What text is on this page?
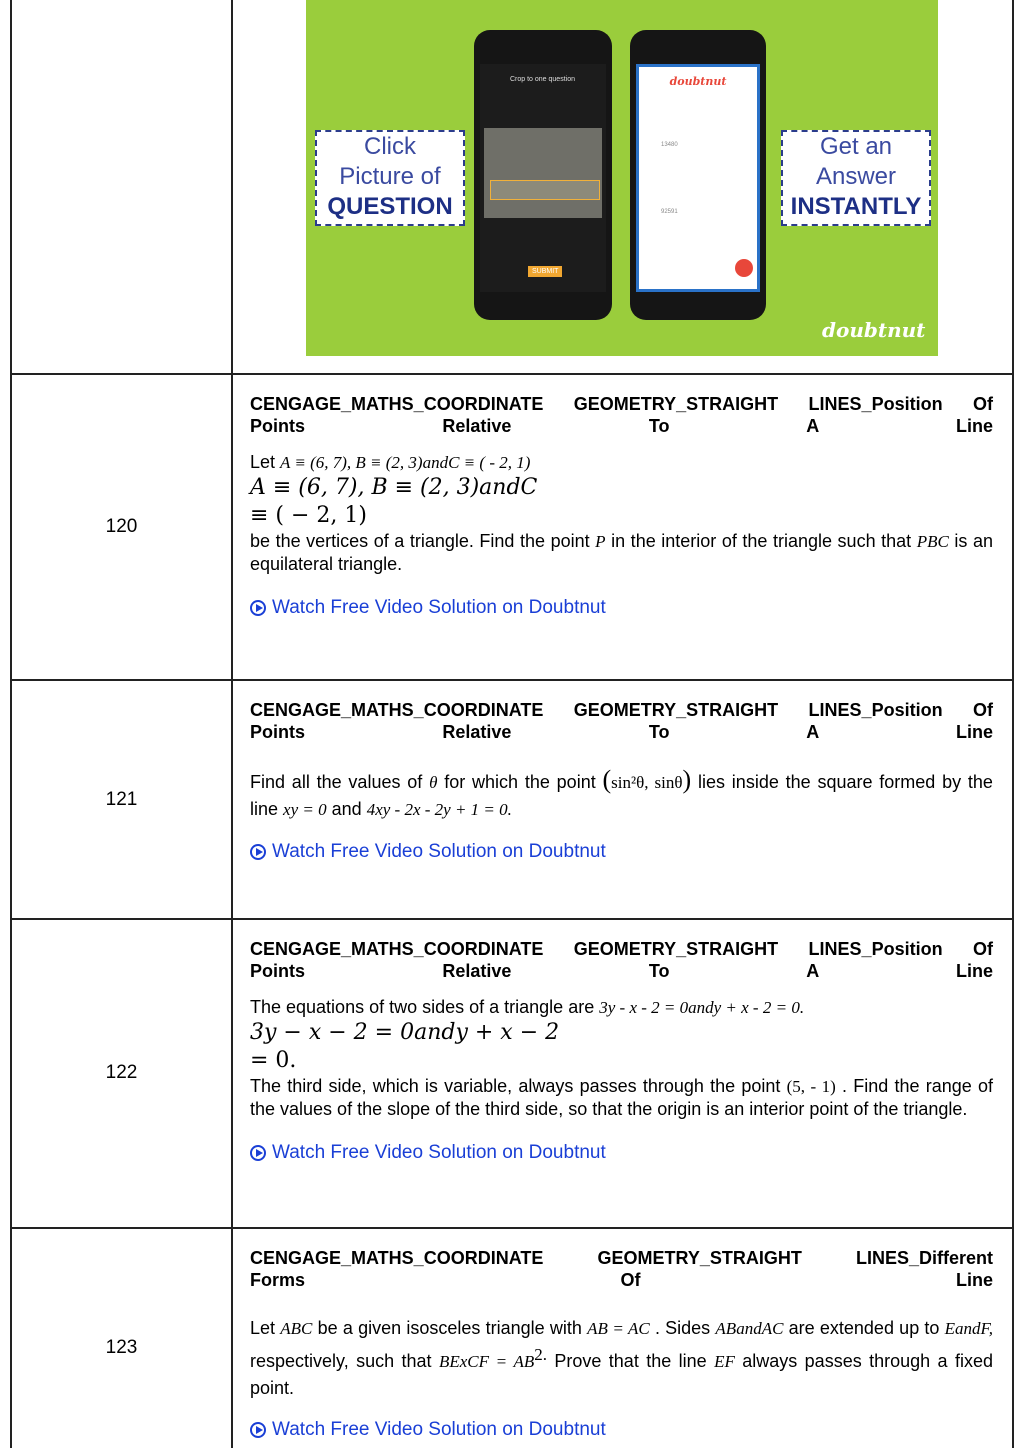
Click
Picture of
QUESTION
Crop to one question
SUBMIT
doubtnut
13480
92591
Get an
Answer
INSTANTLY
doubtnut
120
CENGAGE_MATHS_COORDINATE GEOMETRY_STRAIGHT LINES_Position Of
Points Relative To A Line
Let A ≡ (6, 7), B ≡ (2, 3)andC ≡ ( - 2, 1)
A ≡ (6, 7), B ≡ (2, 3)andC
≡ ( − 2, 1)
be the vertices of a triangle. Find the point P in the interior of the triangle such that PBC is an equilateral triangle.
Watch Free Video Solution on Doubtnut
121
CENGAGE_MATHS_COORDINATE GEOMETRY_STRAIGHT LINES_Position Of
Points Relative To A Line
Find all the values of θ for which the point (sin²θ, sinθ) lies inside the square formed by the line xy = 0 and 4xy - 2x - 2y + 1 = 0.
Watch Free Video Solution on Doubtnut
122
CENGAGE_MATHS_COORDINATE GEOMETRY_STRAIGHT LINES_Position Of
Points Relative To A Line
The equations of two sides of a triangle are 3y - x - 2 = 0andy + x - 2 = 0.
3y − x − 2 = 0andy + x − 2
= 0.
The third side, which is variable, always passes through the point (5, - 1) . Find the range of the values of the slope of the third side, so that the origin is an interior point of the triangle.
Watch Free Video Solution on Doubtnut
123
CENGAGE_MATHS_COORDINATE GEOMETRY_STRAIGHT LINES_Different
Forms Of Line
Let ABC be a given isosceles triangle with AB = AC . Sides ABandAC are extended up to EandF, respectively, such that BExCF = $AB^{2.}$ Prove that the line EF always passes through a fixed point.
Watch Free Video Solution on Doubtnut
